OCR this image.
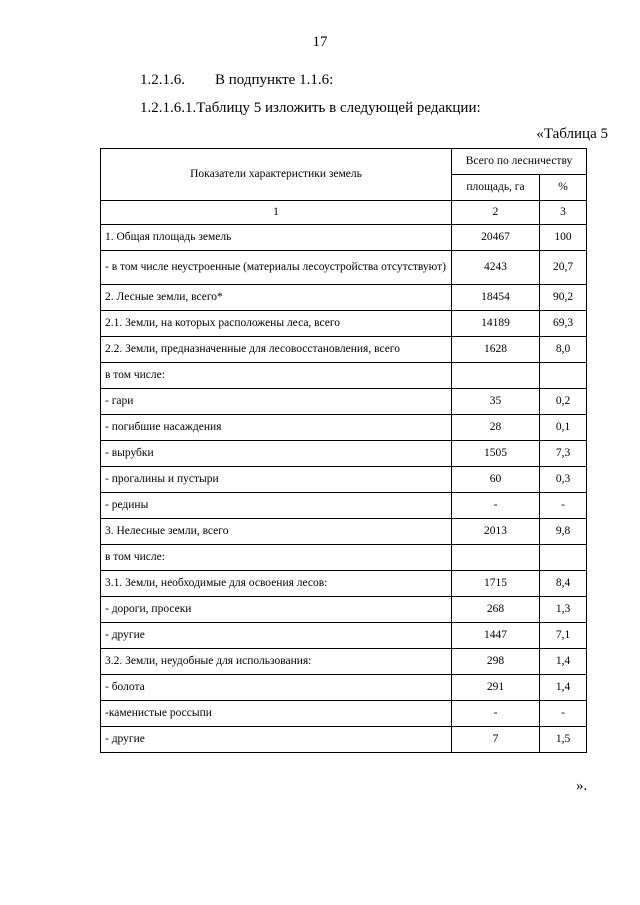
17
1.2.1.6. В подпункте 1.1.6:
1.2.1.6.1.Таблицу 5 изложить в следующей редакции:
«Таблица 5
Показатели характеристики земель	Всего по лесничеству	
	площадь, га	%
1	2	3
1. Общая площадь земель	20467	100
- в том числе неустроенные (материалы лесоустройства отсутствуют)	4243	20,7
2. Лесные земли, всего*	18454	90,2
2.1. Земли, на которых расположены леса, всего	14189	69,3
2.2. Земли, предназначенные для лесовосстановления, всего	1628	8,0
в том числе:		
- гари	35	0,2
- погибшие насаждения	28	0,1
- вырубки	1505	7,3
- прогалины и пустыри	60	0,3
- редины	-	-
3. Нелесные земли, всего	2013	9,8
в том числе:		
3.1. Земли, необходимые для освоения лесов:	1715	8,4
- дороги, просеки	268	1,3
- другие	1447	7,1
3.2. Земли, неудобные для использования:	298	1,4
- болота	291	1,4
-каменистые россыпи	-	-
- другие	7	1,5
».
